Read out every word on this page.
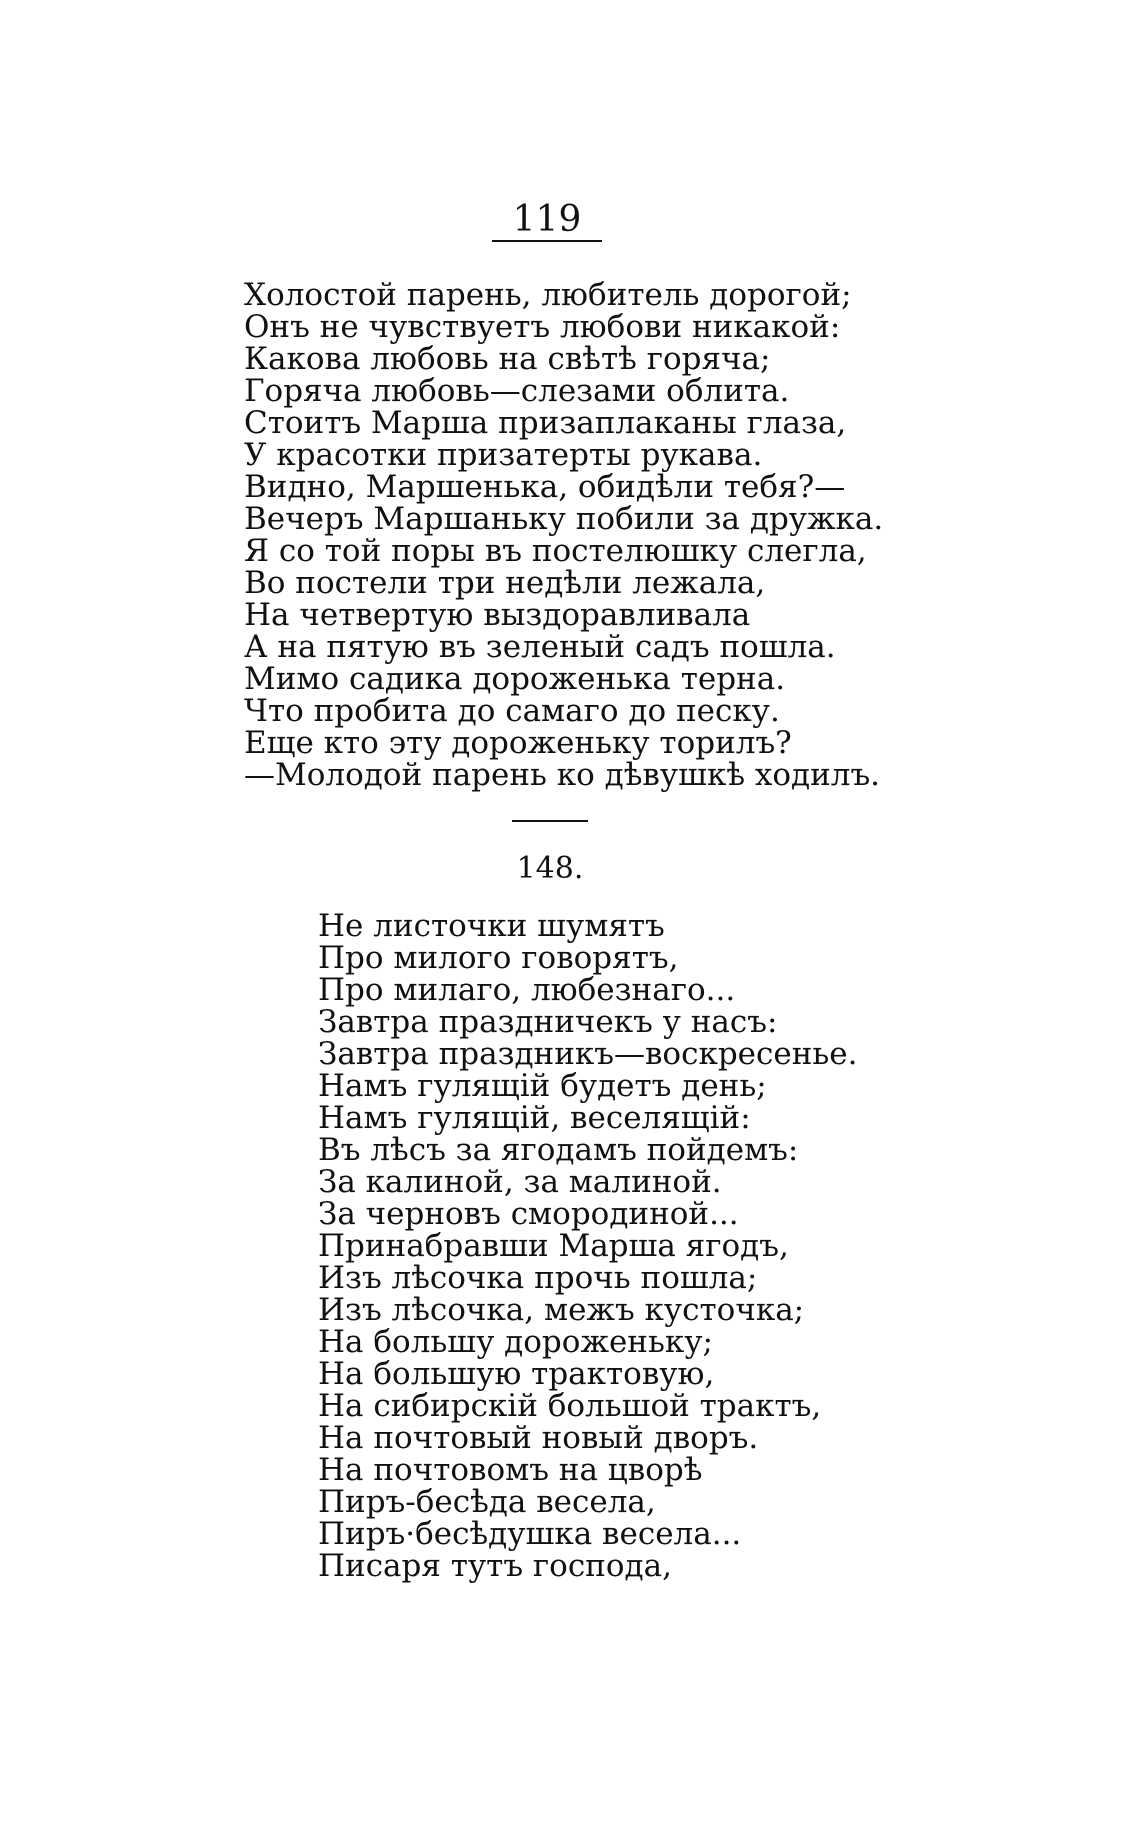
119
Холостой парень, любитель дорогой;
Онъ не чувствуетъ любови никакой:
Какова любовь на свѣтѣ горяча;
Горяча любовь—слезами облита.
Стоитъ Марша призаплаканы глаза,
У красотки призатерты рукава.
Видно, Маршенька, обидѣли тебя?—
Вечеръ Маршаньку побили за дружка.
Я со той поры въ постелюшку слегла,
Во постели три недѣли лежала,
На четвертую выздоравливала
А на пятую въ зеленый садъ пошла.
Мимо садика дороженька терна.
Что пробита до самаго до песку.
Еще кто эту дороженьку торилъ?
—Молодой парень ко дѣвушкѣ ходилъ.
148.
Не листочки шумятъ
Про милого говорятъ,
Про милаго, любезнаго...
Завтра праздничекъ у насъ:
Завтра праздникъ—воскресенье.
Намъ гулящій будетъ день;
Намъ гулящій, веселящій:
Въ лѣсъ за ягодамъ пойдемъ:
За калиной, за малиной.
За черновъ смородиной...
Принабравши Марша ягодъ,
Изъ лѣсочка прочь пошла;
Изъ лѣсочка, межъ кусточка;
На большу дороженьку;
На большую трактовую,
На сибирскій большой трактъ,
На почтовый новый дворъ.
На почтовомъ на цворѣ
Пиръ-бесѣда весела,
Пиръ·бесѣдушка весела...
Писаря тутъ господа,
